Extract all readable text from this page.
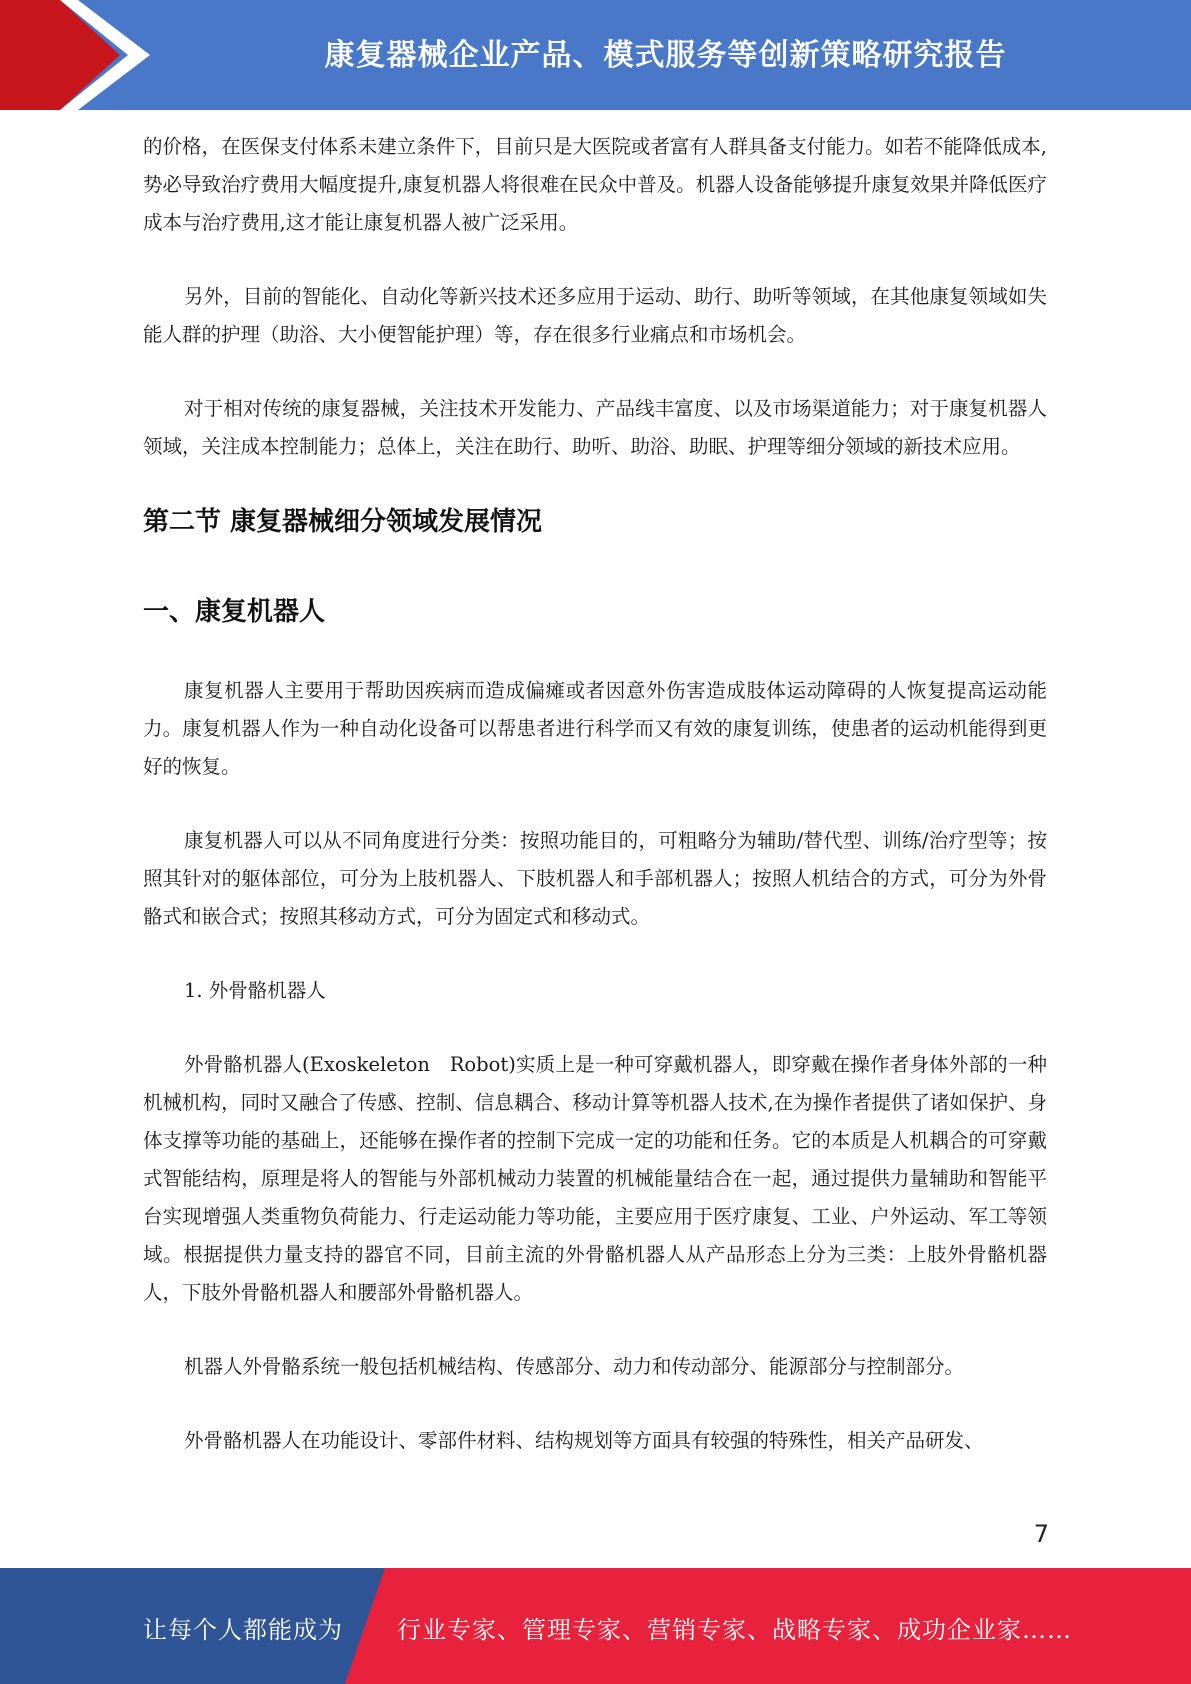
康复器械企业产品、模式服务等创新策略研究报告

的价格，在医保支付体系未建立条件下，目前只是大医院或者富有人群具备支付能力。如若不能降低成本,势必导致治疗费用大幅度提升,康复机器人将很难在民众中普及。机器人设备能够提升康复效果并降低医疗成本与治疗费用,这才能让康复机器人被广泛采用。

另外，目前的智能化、自动化等新兴技术还多应用于运动、助行、助听等领域，在其他康复领域如失能人群的护理（助浴、大小便智能护理）等，存在很多行业痛点和市场机会。

对于相对传统的康复器械，关注技术开发能力、产品线丰富度、以及市场渠道能力；对于康复机器人领域，关注成本控制能力；总体上，关注在助行、助听、助浴、助眠、护理等细分领域的新技术应用。

第二节 康复器械细分领域发展情况
一、康复机器人

康复机器人主要用于帮助因疾病而造成偏瘫或者因意外伤害造成肢体运动障碍的人恢复提高运动能力。康复机器人作为一种自动化设备可以帮患者进行科学而又有效的康复训练，使患者的运动机能得到更好的恢复。

康复机器人可以从不同角度进行分类：按照功能目的，可粗略分为辅助/替代型、训练/治疗型等；按照其针对的躯体部位，可分为上肢机器人、下肢机器人和手部机器人；按照人机结合的方式，可分为外骨骼式和嵌合式；按照其移动方式，可分为固定式和移动式。

1. 外骨骼机器人

外骨骼机器人(Exoskeleton　Robot)实质上是一种可穿戴机器人，即穿戴在操作者身体外部的一种机械机构，同时又融合了传感、控制、信息耦合、移动计算等机器人技术,在为操作者提供了诸如保护、身体支撑等功能的基础上，还能够在操作者的控制下完成一定的功能和任务。它的本质是人机耦合的可穿戴式智能结构，原理是将人的智能与外部机械动力装置的机械能量结合在一起，通过提供力量辅助和智能平台实现增强人类重物负荷能力、行走运动能力等功能，主要应用于医疗康复、工业、户外运动、军工等领域。根据提供力量支持的器官不同，目前主流的外骨骼机器人从产品形态上分为三类：上肢外骨骼机器人，下肢外骨骼机器人和腰部外骨骼机器人。

机器人外骨骼系统一般包括机械结构、传感部分、动力和传动部分、能源部分与控制部分。

外骨骼机器人在功能设计、零部件材料、结构规划等方面具有较强的特殊性，相关产品研发、

7
让每个人都能成为 行业专家、管理专家、营销专家、战略专家、成功企业家……
